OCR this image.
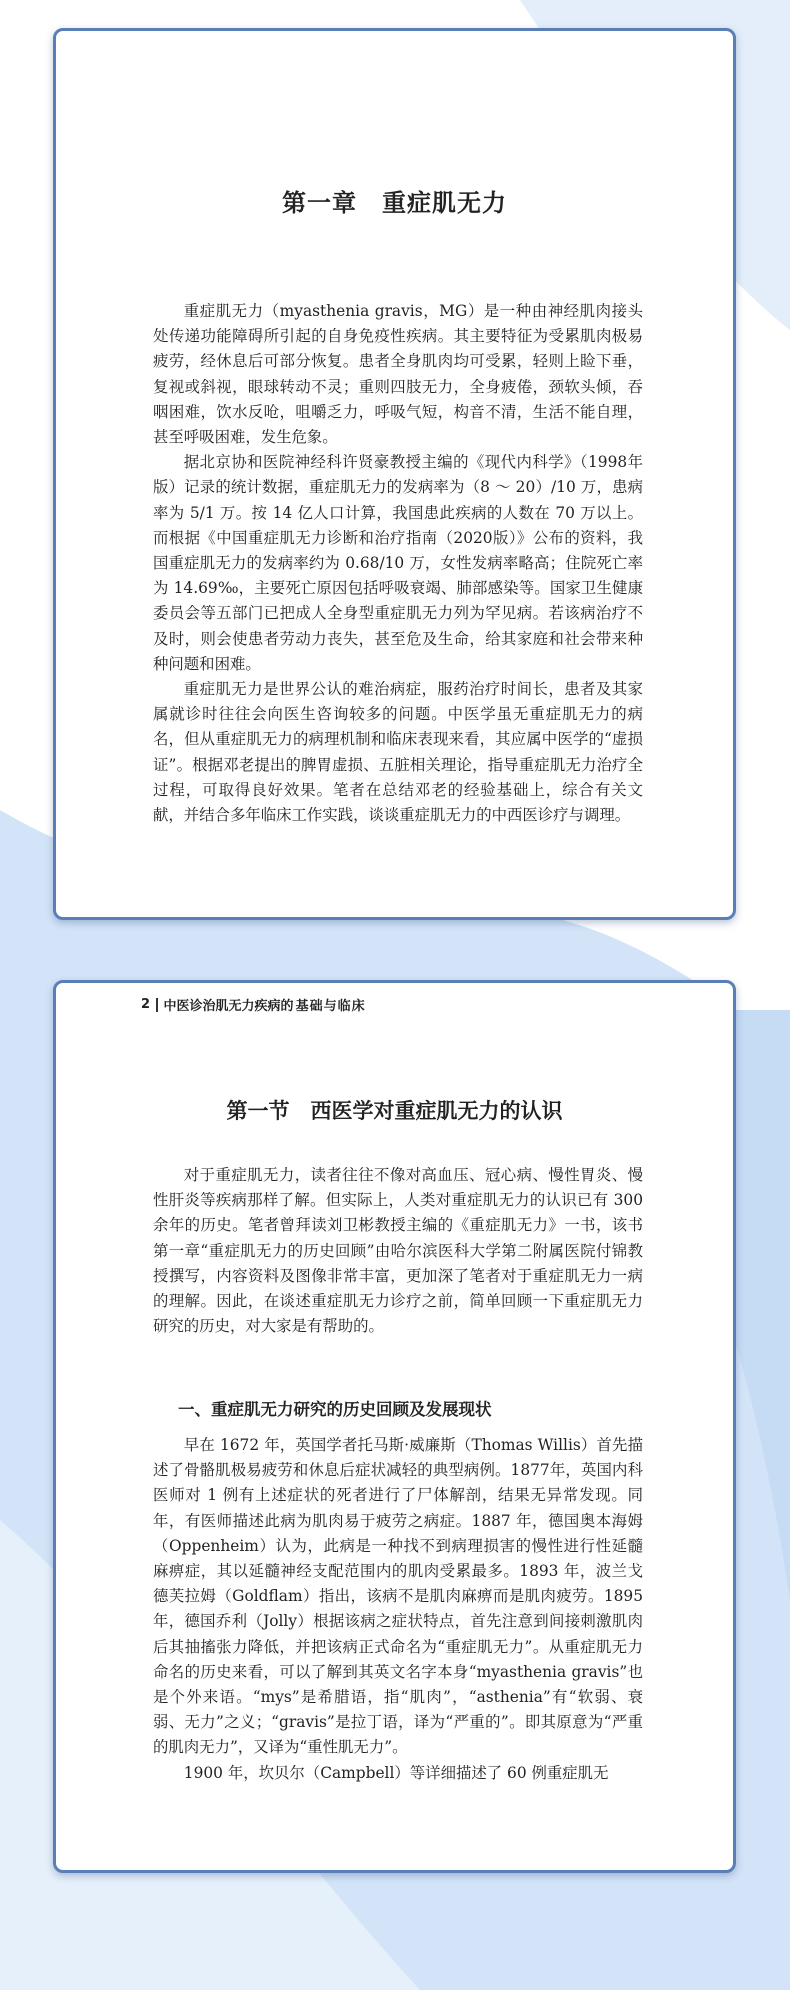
第一章　重症肌无力

重症肌无力（myasthenia gravis，MG）是一种由神经肌肉接头处传递功能障碍所引起的自身免疫性疾病。其主要特征为受累肌肉极易疲劳，经休息后可部分恢复。患者全身肌肉均可受累，轻则上睑下垂，复视或斜视，眼球转动不灵；重则四肢无力，全身疲倦，颈软头倾，吞咽困难，饮水反呛，咀嚼乏力，呼吸气短，构音不清，生活不能自理，甚至呼吸困难，发生危象。

据北京协和医院神经科许贤豪教授主编的《现代内科学》（1998年版）记录的统计数据，重症肌无力的发病率为（8 ～ 20）/10 万，患病率为 5/1 万。按 14 亿人口计算，我国患此疾病的人数在 70 万以上。而根据《中国重症肌无力诊断和治疗指南（2020版）》公布的资料，我国重症肌无力的发病率约为 0.68/10 万，女性发病率略高；住院死亡率为 14.69‰，主要死亡原因包括呼吸衰竭、肺部感染等。国家卫生健康委员会等五部门已把成人全身型重症肌无力列为罕见病。若该病治疗不及时，则会使患者劳动力丧失，甚至危及生命，给其家庭和社会带来种种问题和困难。

重症肌无力是世界公认的难治病症，服药治疗时间长，患者及其家属就诊时往往会向医生咨询较多的问题。中医学虽无重症肌无力的病名，但从重症肌无力的病理机制和临床表现来看，其应属中医学的“虚损证”。根据邓老提出的脾胃虚损、五脏相关理论，指导重症肌无力治疗全过程，可取得良好效果。笔者在总结邓老的经验基础上，综合有关文献，并结合多年临床工作实践，谈谈重症肌无力的中西医诊疗与调理。

2 中医诊治肌无力疾病的 基础与临床
第一节　西医学对重症肌无力的认识

对于重症肌无力，读者往往不像对高血压、冠心病、慢性胃炎、慢性肝炎等疾病那样了解。但实际上，人类对重症肌无力的认识已有 300 余年的历史。笔者曾拜读刘卫彬教授主编的《重症肌无力》一书，该书第一章“重症肌无力的历史回顾”由哈尔滨医科大学第二附属医院付锦教授撰写，内容资料及图像非常丰富，更加深了笔者对于重症肌无力一病的理解。因此，在谈述重症肌无力诊疗之前，简单回顾一下重症肌无力研究的历史，对大家是有帮助的。

一、重症肌无力研究的历史回顾及发展现状

早在 1672 年，英国学者托马斯·威廉斯（Thomas Willis）首先描述了骨骼肌极易疲劳和休息后症状减轻的典型病例。1877年，英国内科医师对 1 例有上述症状的死者进行了尸体解剖，结果无异常发现。同年，有医师描述此病为肌肉易于疲劳之病症。1887 年，德国奥本海姆（Oppenheim）认为，此病是一种找不到病理损害的慢性进行性延髓麻痹症，其以延髓神经支配范围内的肌肉受累最多。1893 年，波兰戈德芙拉姆（Goldflam）指出，该病不是肌肉麻痹而是肌肉疲劳。1895 年，德国乔利（Jolly）根据该病之症状特点，首先注意到间接刺激肌肉后其抽搐张力降低，并把该病正式命名为“重症肌无力”。从重症肌无力命名的历史来看，可以了解到其英文名字本身“myasthenia gravis”也是个外来语。“mys”是希腊语，指“肌肉”，“asthenia”有“软弱、衰弱、无力”之义；“gravis”是拉丁语，译为“严重的”。即其原意为“严重的肌肉无力”，又译为“重性肌无力”。

1900 年，坎贝尔（Campbell）等详细描述了 60 例重症肌无
